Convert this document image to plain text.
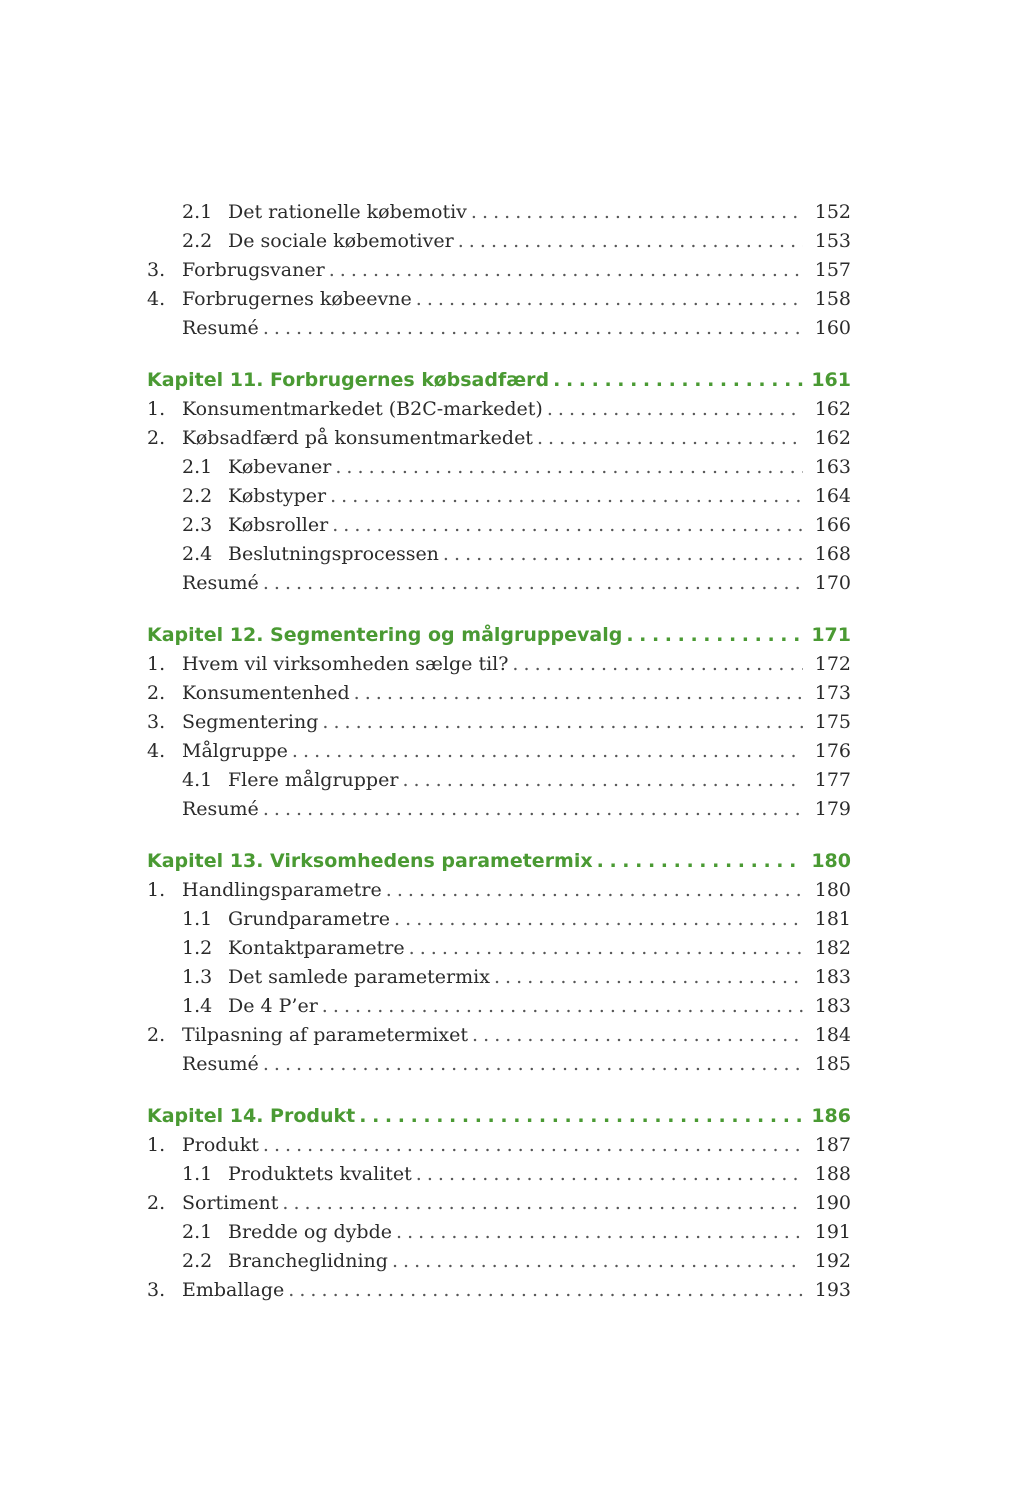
2.1 Det rationelle købemotiv . . .	152
2.2 De sociale købemotiver . . .	153
3. Forbrugsvaner . . .	157
4. Forbrugernes købeevne . . .	158
Resumé . . .	160
Kapitel 11. Forbrugernes købsadfærd . . .	161
1. Konsumentmarkedet (B2C-markedet) . . .	162
2. Købsadfærd på konsumentmarkedet . . .	162
2.1 Købevaner . . .	163
2.2 Købstyper . . .	164
2.3 Købsroller . . .	166
2.4 Beslutningsprocessen . . .	168
Resumé . . .	170
Kapitel 12. Segmentering og målgruppevalg . . .	171
1. Hvem vil virksomheden sælge til? . . .	172
2. Konsumentenhed . . .	173
3. Segmentering . . .	175
4. Målgruppe . . .	176
4.1 Flere målgrupper . . .	177
Resumé . . .	179
Kapitel 13. Virksomhedens parametermix . . .	180
1. Handlingsparametre . . .	180
1.1 Grundparametre . . .	181
1.2 Kontaktparametre . . .	182
1.3 Det samlede parametermix . . .	183
1.4 De 4 P’er . . .	183
2. Tilpasning af parametermixet . . .	184
Resumé . . .	185
Kapitel 14. Produkt . . .	186
1. Produkt . . .	187
1.1 Produktets kvalitet . . .	188
2. Sortiment . . .	190
2.1 Bredde og dybde . . .	191
2.2 Brancheglidning . . .	192
3. Emballage . . .	193
